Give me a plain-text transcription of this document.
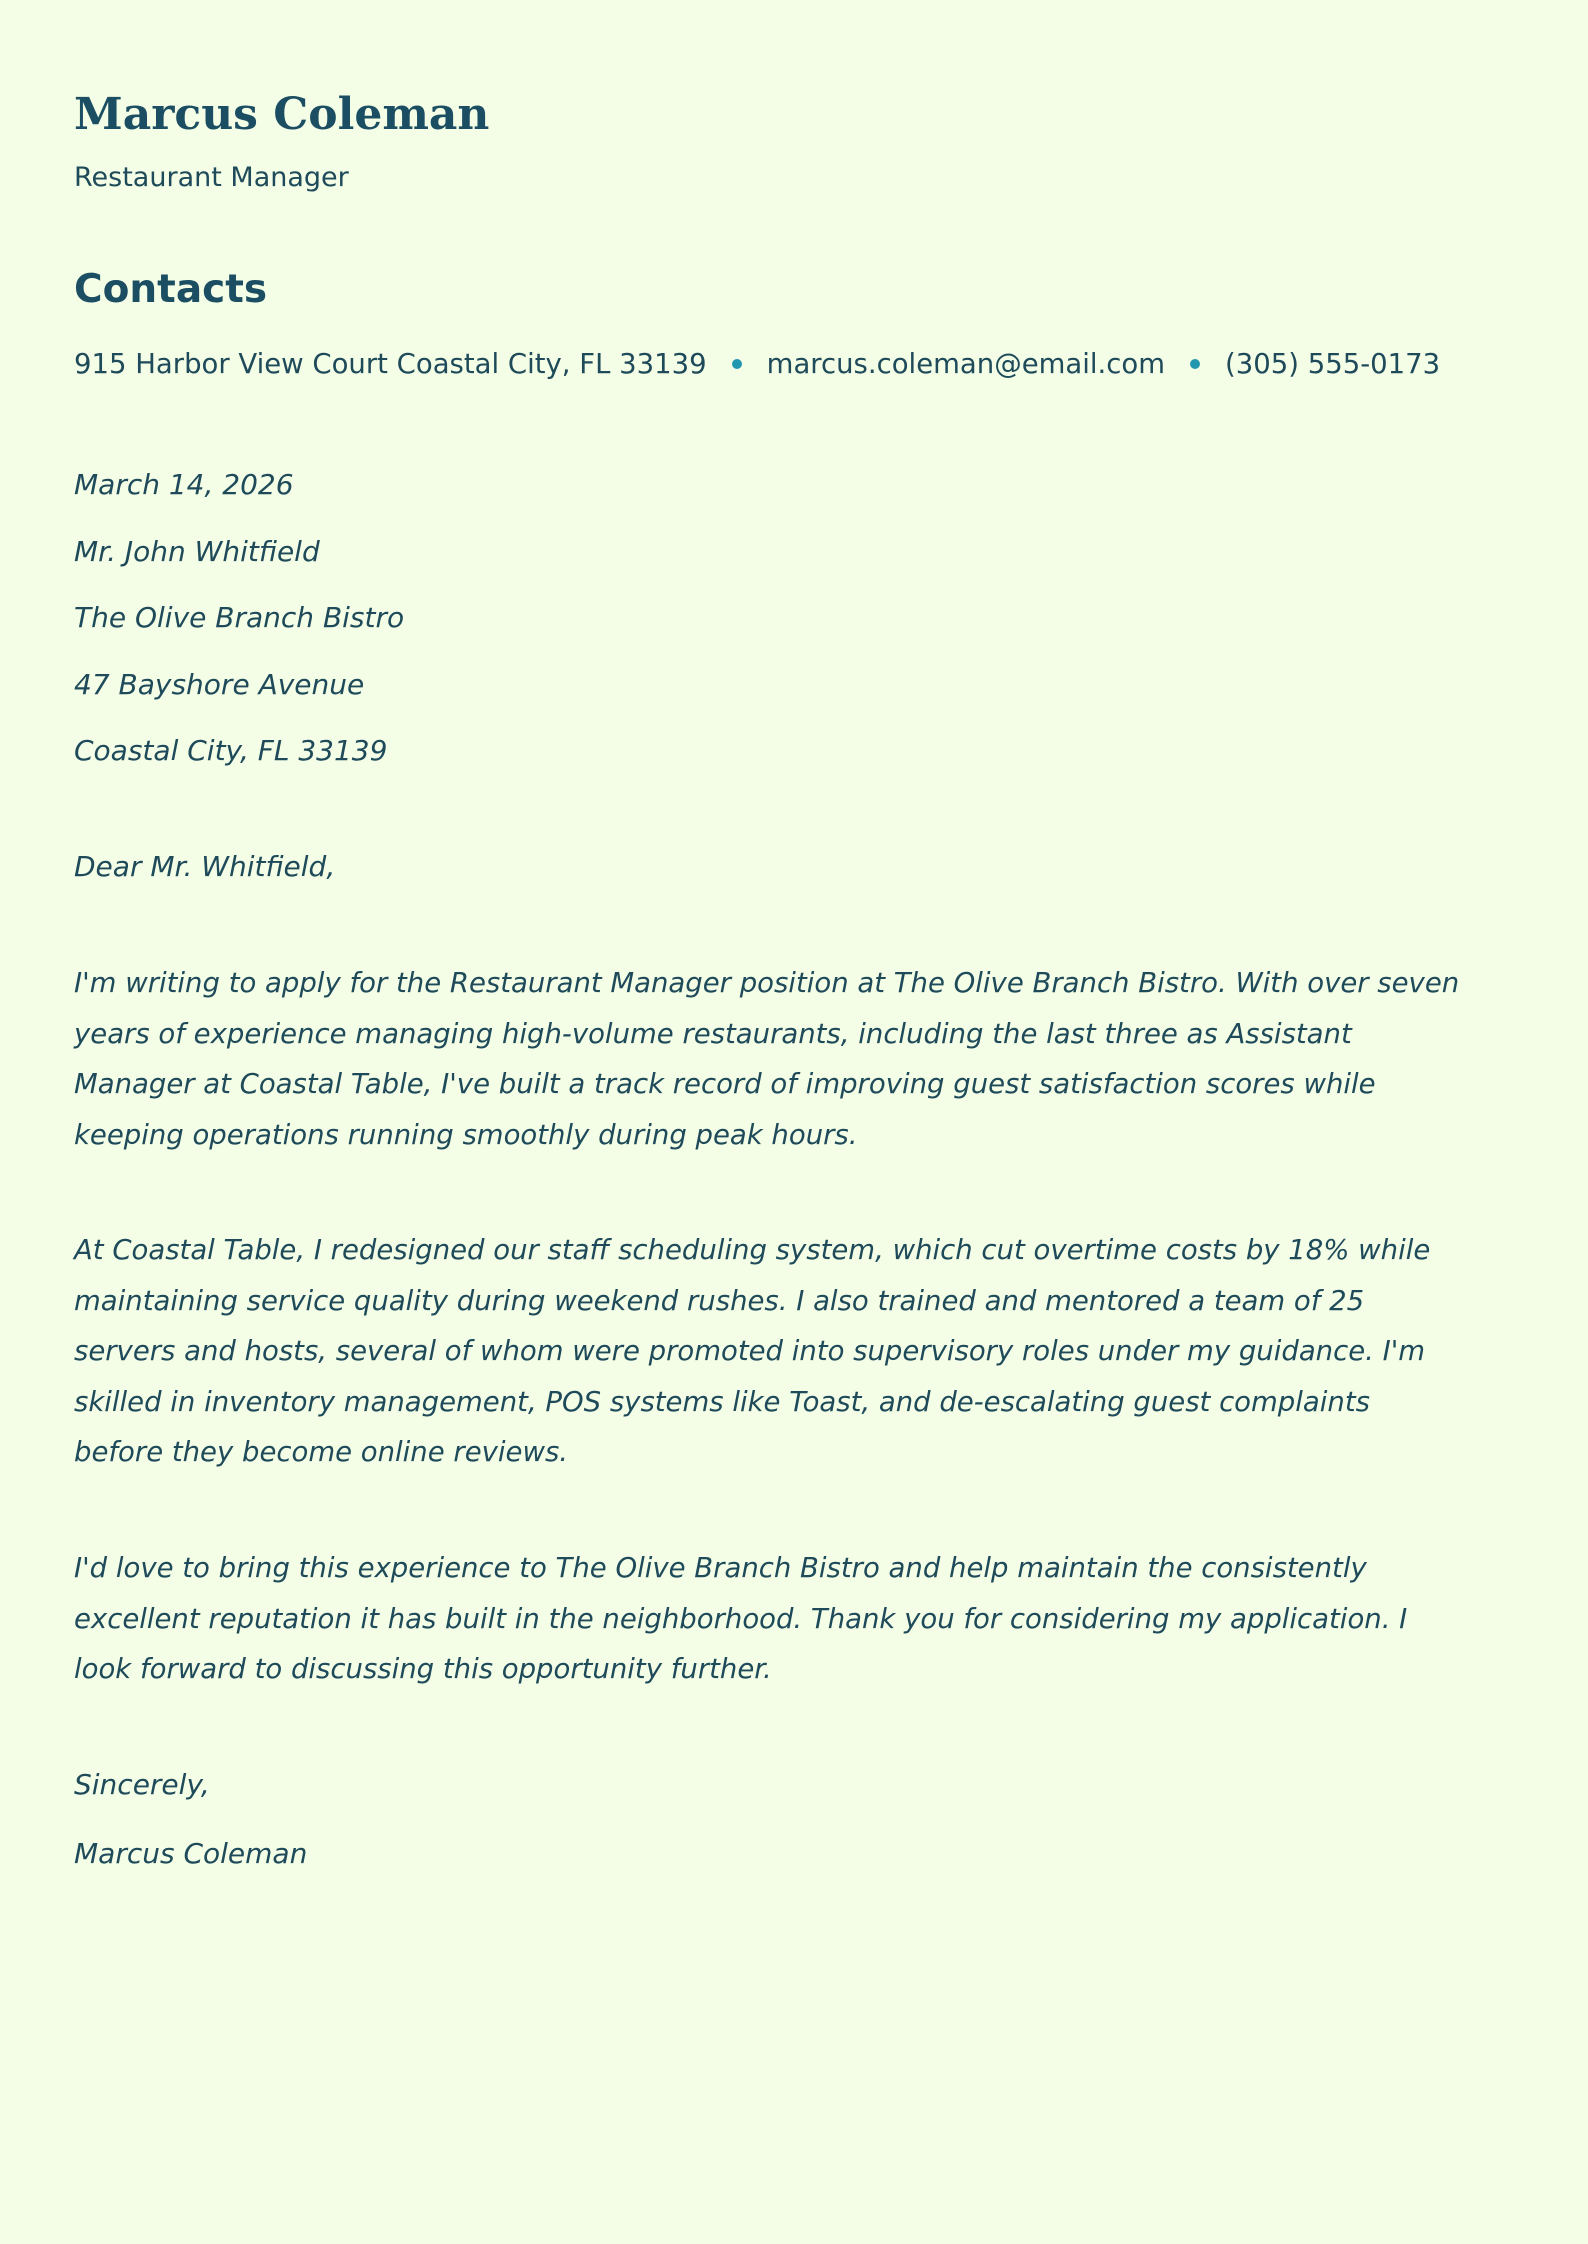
Marcus Coleman
Restaurant Manager
Contacts
915 Harbor View Court Coastal City, FL 33139 marcus.coleman@email.com (305) 555-0173
March 14, 2026
Mr. John Whitfield
The Olive Branch Bistro
47 Bayshore Avenue
Coastal City, FL 33139
Dear Mr. Whitfield,

I'm writing to apply for the Restaurant Manager position at The Olive Branch Bistro. With over seven
years of experience managing high-volume restaurants, including the last three as Assistant
Manager at Coastal Table, I've built a track record of improving guest satisfaction scores while
keeping operations running smoothly during peak hours.

At Coastal Table, I redesigned our staff scheduling system, which cut overtime costs by 18% while
maintaining service quality during weekend rushes. I also trained and mentored a team of 25
servers and hosts, several of whom were promoted into supervisory roles under my guidance. I'm
skilled in inventory management, POS systems like Toast, and de-escalating guest complaints
before they become online reviews.

I'd love to bring this experience to The Olive Branch Bistro and help maintain the consistently
excellent reputation it has built in the neighborhood. Thank you for considering my application. I
look forward to discussing this opportunity further.

Sincerely,
Marcus Coleman
